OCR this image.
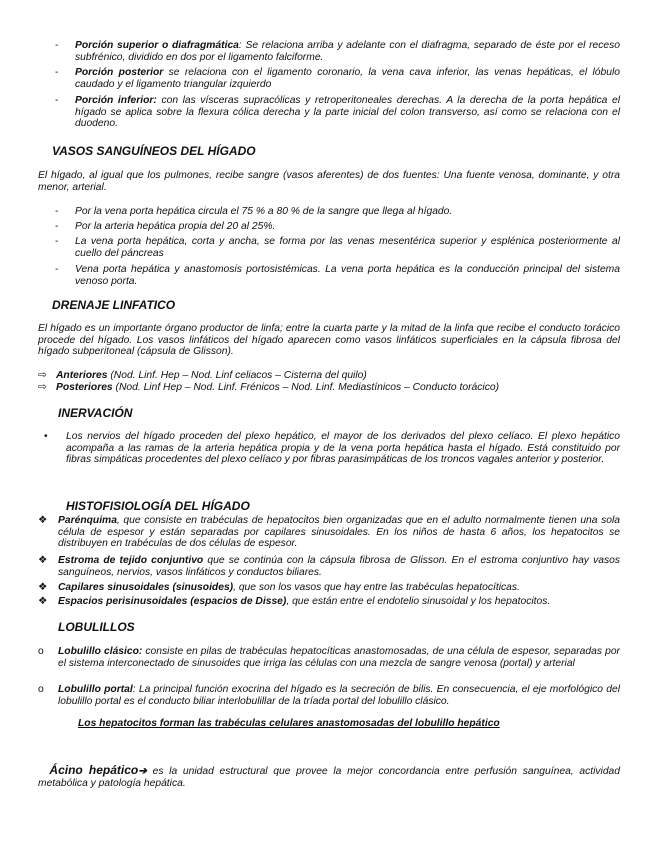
-	Porción superior o diafragmática: Se relaciona arriba y adelante con el diafragma, separado de éste por el receso subfrénico, dividido en dos por el ligamento falciforme.

-	Porción posterior se relaciona con el ligamento coronario, la vena cava inferior, las venas hepáticas, el lóbulo caudado y el ligamento triangular izquierdo

-	Porción inferior: con las vísceras supracólicas y retroperitoneales derechas. A la derecha de la porta hepática el hígado se aplica sobre la flexura cólica derecha y la parte inicial del colon transverso, así como se relaciona con el duodeno.

VASOS SANGUÍNEOS DEL HÍGADO

El hígado, al igual que los pulmones, recibe sangre (vasos aferentes) de dos fuentes: Una fuente venosa, dominante, y otra menor, arterial.

-	Por la vena porta hepática circula el 75 % a 80 % de la sangre que llega al hígado.

-	Por la arteria hepática propia del 20 al 25%.

-	La vena porta hepática, corta y ancha, se forma por las venas mesentérica superior y esplénica posteriormente al cuello del páncreas

-	Vena porta hepática y anastomosis portosistémicas. La vena porta hepática es la conducción principal del sistema venoso porta.

DRENAJE LINFATICO

El hígado es un importante órgano productor de linfa; entre la cuarta parte y la mitad de la linfa que recibe el conducto torácico procede del hígado. Los vasos linfáticos del hígado aparecen como vasos linfáticos superficiales en la cápsula fibrosa del hígado subperitoneal (cápsula de Glisson).

⇨ Anteriores (Nod. Linf. Hep – Nod. Linf celiacos – Cisterna del quilo)

⇨ Posteriores (Nod. Linf Hep – Nod. Linf. Frénicos – Nod. Linf. Mediastínicos – Conducto torácico)

INERVACIÓN

•	Los nervios del hígado proceden del plexo hepático, el mayor de los derivados del plexo celíaco. El plexo hepático acompaña a las ramas de la arteria hepática propia y de la vena porta hepática hasta el hígado. Está constituido por fibras simpáticas procedentes del plexo celíaco y por fibras parasimpáticas de los troncos vagales anterior y posterior.

HISTOFISIOLOGÍA DEL HÍGADO

❖	Parénquima, que consiste en trabéculas de hepatocitos bien organizadas que en el adulto normalmente tienen una sola célula de espesor y están separadas por capilares sinusoidales. En los niños de hasta 6 años, los hepatocitos se distribuyen en trabéculas de dos células de espesor.

❖	Estroma de tejido conjuntivo que se continúa con la cápsula fibrosa de Glisson. En el estroma conjuntivo hay vasos sanguíneos, nervios, vasos linfáticos y conductos biliares.

❖	Capilares sinusoidales (sinusoides), que son los vasos que hay entre las trabéculas hepatocíticas.

❖	Espacios perisinusoidales (espacios de Disse), que están entre el endotelio sinusoidal y los hepatocitos.

LOBULILLOS

o	Lobulillo clásico: consiste en pilas de trabéculas hepatocíticas anastomosadas, de una célula de espesor, separadas por el sistema interconectado de sinusoides que irriga las células con una mezcla de sangre venosa (portal) y arterial

o	Lobulillo portal: La principal función exocrina del hígado es la secreción de bilis. En consecuencia, el eje morfológico del lobulillo portal es el conducto biliar interlobulillar de la tríada portal del lobulillo clásico.

Los hepatocitos forman las trabéculas celulares anastomosadas del lobulillo hepático

Ácino hepático➔ es la unidad estructural que provee la mejor concordancia entre perfusión sanguínea, actividad metabólica y patología hepática.
